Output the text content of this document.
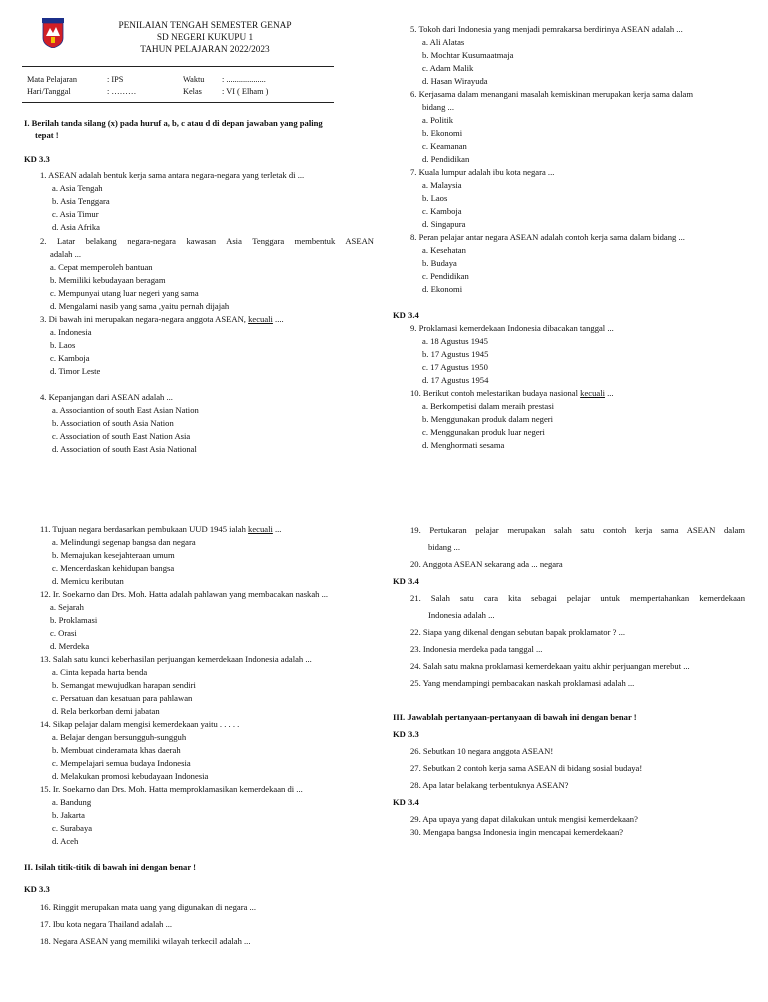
PENILAIAN TENGAH SEMESTER GENAP
SD NEGERI KUKUPU 1
TAHUN PELAJARAN 2022/2023
Mata Pelajaran	: IPS	Waktu : ...................
Hari/Tanggal	: ………	Kelas : VI ( Elham )
I. Berilah tanda silang (x) pada huruf a, b, c atau d di depan jawaban yang paling
tepat !
KD 3.3
1. ASEAN adalah bentuk kerja sama antara negara-negara yang terletak di ...
a. Asia Tengah
b. Asia Tenggara
c. Asia Timur
d. Asia Afrika
2. Latar belakang negara-negara kawasan Asia Tenggara membentuk ASEAN
adalah ...
a. Cepat memperoleh bantuan
b. Memiliki kebudayaan beragam
c. Mempunyai utang luar negeri yang sama
d. Mengalami nasib yang sama ,yaitu pernah dijajah
3. Di bawah ini merupakan negara-negara anggota ASEAN, kecuali ....
a. Indonesia
b. Laos
c. Kamboja
d. Timor Leste
4. Kepanjangan dari ASEAN adalah ...
a. Associantion of south East Asian Nation
b. Association of south Asia Nation
c. Association of south East Nation Asia
d. Association of south East Asia National
5. Tokoh dari Indonesia yang menjadi pemrakarsa berdirinya ASEAN adalah ...
a. Ali Alatas
b. Mochtar Kusumaatmaja
c. Adam Malik
d. Hasan Wirayuda
6. Kerjasama dalam menangani masalah kemiskinan merupakan kerja sama dalam
bidang ...
a. Politik
b. Ekonomi
c. Keamanan
d. Pendidikan
7. Kuala lumpur adalah ibu kota negara ...
a. Malaysia
b. Laos
c. Kamboja
d. Singapura
8. Peran pelajar antar negara ASEAN adalah contoh kerja sama dalam bidang ...
a. Kesehatan
b. Budaya
c. Pendidikan
d. Ekonomi
KD 3.4
9. Proklamasi kemerdekaan Indonesia dibacakan tanggal ...
a. 18 Agustus 1945
b. 17 Agustus 1945
c. 17 Agustus 1950
d. 17 Agustus 1954
10. Berikut contoh melestarikan budaya nasional kecuali ...
a. Berkompetisi dalam meraih prestasi
b. Menggunakan produk dalam negeri
c. Menggunakan produk luar negeri
d. Menghormati sesama
11. Tujuan negara berdasarkan pembukaan UUD 1945 ialah kecuali ...
a. Melindungi segenap bangsa dan negara
b. Memajukan kesejahteraan umum
c. Mencerdaskan kehidupan bangsa
d. Memicu keributan
12. Ir. Soekarno dan Drs. Moh. Hatta adalah pahlawan yang membacakan naskah ...
a. Sejarah
b. Proklamasi
c. Orasi
d. Merdeka
13. Salah satu kunci keberhasilan perjuangan kemerdekaan Indonesia adalah ...
a. Cinta kepada harta benda
b. Semangat mewujudkan harapan sendiri
c. Persatuan dan kesatuan para pahlawan
d. Rela berkorban demi jabatan
14. Sikap pelajar dalam mengisi kemerdekaan yaitu . . . . .
a. Belajar dengan bersungguh-sungguh
b. Membuat cinderamata khas daerah
c. Mempelajari semua budaya Indonesia
d. Melakukan promosi kebudayaan Indonesia
15. Ir. Soekarno dan Drs. Moh. Hatta memproklamasikan kemerdekaan di ...
a. Bandung
b. Jakarta
c. Surabaya
d. Aceh
II. Isilah titik-titik di bawah ini dengan benar !
KD 3.3
16. Ringgit merupakan mata uang yang digunakan di negara ...
17. Ibu kota negara Thailand adalah ...
18. Negara ASEAN yang memiliki wilayah terkecil adalah ...
19. Pertukaran pelajar merupakan salah satu contoh kerja sama ASEAN dalam
bidang ...
20. Anggota ASEAN sekarang ada ... negara
KD 3.4
21. Salah satu cara kita sebagai pelajar untuk mempertahankan kemerdekaan
Indonesia adalah ...
22. Siapa yang dikenal dengan sebutan bapak proklamator ? ...
23. Indonesia merdeka pada tanggal ...
24. Salah satu makna proklamasi kemerdekaan yaitu akhir perjuangan merebut ...
25. Yang mendampingi pembacakan naskah proklamasi adalah ...
III. Jawablah pertanyaan-pertanyaan di bawah ini dengan benar !
KD 3.3
26. Sebutkan 10 negara anggota ASEAN!
27. Sebutkan 2 contoh kerja sama ASEAN di bidang sosial budaya!
28. Apa latar belakang terbentuknya ASEAN?
KD 3.4
29. Apa upaya yang dapat dilakukan untuk mengisi kemerdekaan?
30. Mengapa bangsa Indonesia ingin mencapai kemerdekaan?
